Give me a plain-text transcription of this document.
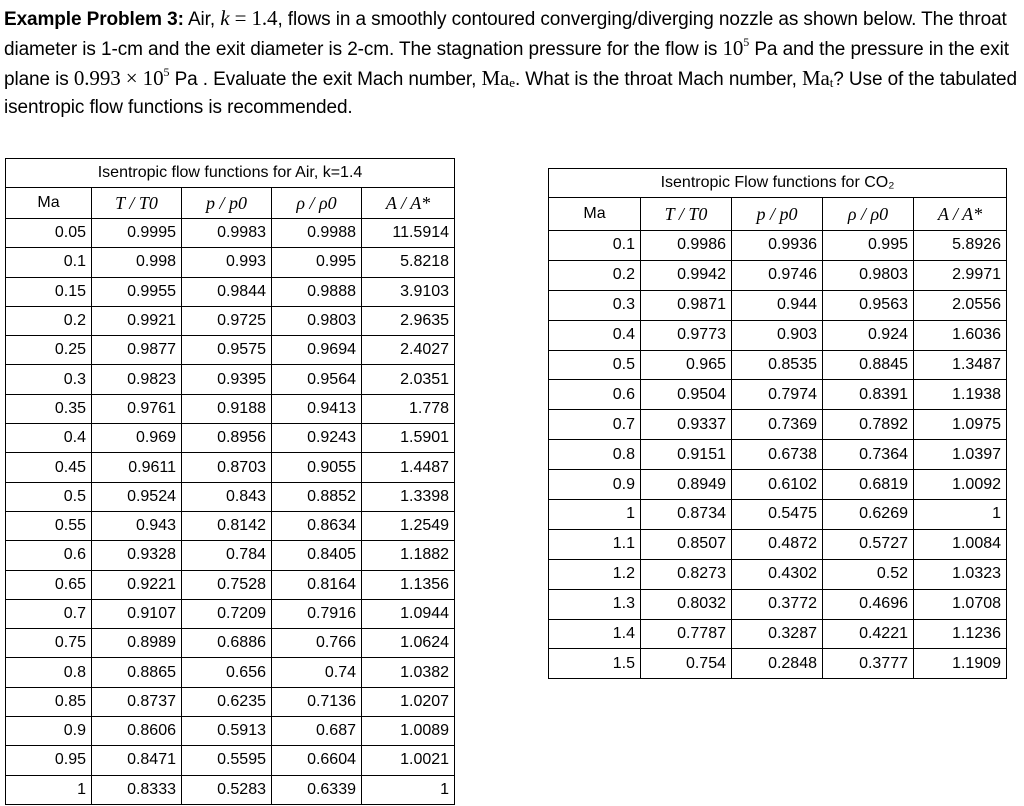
Example Problem 3: Air, k = 1.4, flows in a smoothly contoured converging/diverging nozzle as shown below. The throat diameter is 1-cm and the exit diameter is 2-cm. The stagnation pressure for the flow is $10^5$ Pa and the pressure in the exit plane is $0.993 \times 10^5$ Pa . Evaluate the exit Mach number, Mae. What is the throat Mach number, Mat? Use of the tabulated isentropic flow functions is recommended.
Isentropic flow functions for Air, k=1.4				
Ma	T / T0	p / p0	ρ / ρ0	A / A*
0.05	0.9995	0.9983	0.9988	11.5914
0.1	0.998	0.993	0.995	5.8218
0.15	0.9955	0.9844	0.9888	3.9103
0.2	0.9921	0.9725	0.9803	2.9635
0.25	0.9877	0.9575	0.9694	2.4027
0.3	0.9823	0.9395	0.9564	2.0351
0.35	0.9761	0.9188	0.9413	1.778
0.4	0.969	0.8956	0.9243	1.5901
0.45	0.9611	0.8703	0.9055	1.4487
0.5	0.9524	0.843	0.8852	1.3398
0.55	0.943	0.8142	0.8634	1.2549
0.6	0.9328	0.784	0.8405	1.1882
0.65	0.9221	0.7528	0.8164	1.1356
0.7	0.9107	0.7209	0.7916	1.0944
0.75	0.8989	0.6886	0.766	1.0624
0.8	0.8865	0.656	0.74	1.0382
0.85	0.8737	0.6235	0.7136	1.0207
0.9	0.8606	0.5913	0.687	1.0089
0.95	0.8471	0.5595	0.6604	1.0021
1	0.8333	0.5283	0.6339	1
Isentropic Flow functions for CO₂				
Ma	T / T0	p / p0	ρ / ρ0	A / A*
0.1	0.9986	0.9936	0.995	5.8926
0.2	0.9942	0.9746	0.9803	2.9971
0.3	0.9871	0.944	0.9563	2.0556
0.4	0.9773	0.903	0.924	1.6036
0.5	0.965	0.8535	0.8845	1.3487
0.6	0.9504	0.7974	0.8391	1.1938
0.7	0.9337	0.7369	0.7892	1.0975
0.8	0.9151	0.6738	0.7364	1.0397
0.9	0.8949	0.6102	0.6819	1.0092
1	0.8734	0.5475	0.6269	1
1.1	0.8507	0.4872	0.5727	1.0084
1.2	0.8273	0.4302	0.52	1.0323
1.3	0.8032	0.3772	0.4696	1.0708
1.4	0.7787	0.3287	0.4221	1.1236
1.5	0.754	0.2848	0.3777	1.1909
